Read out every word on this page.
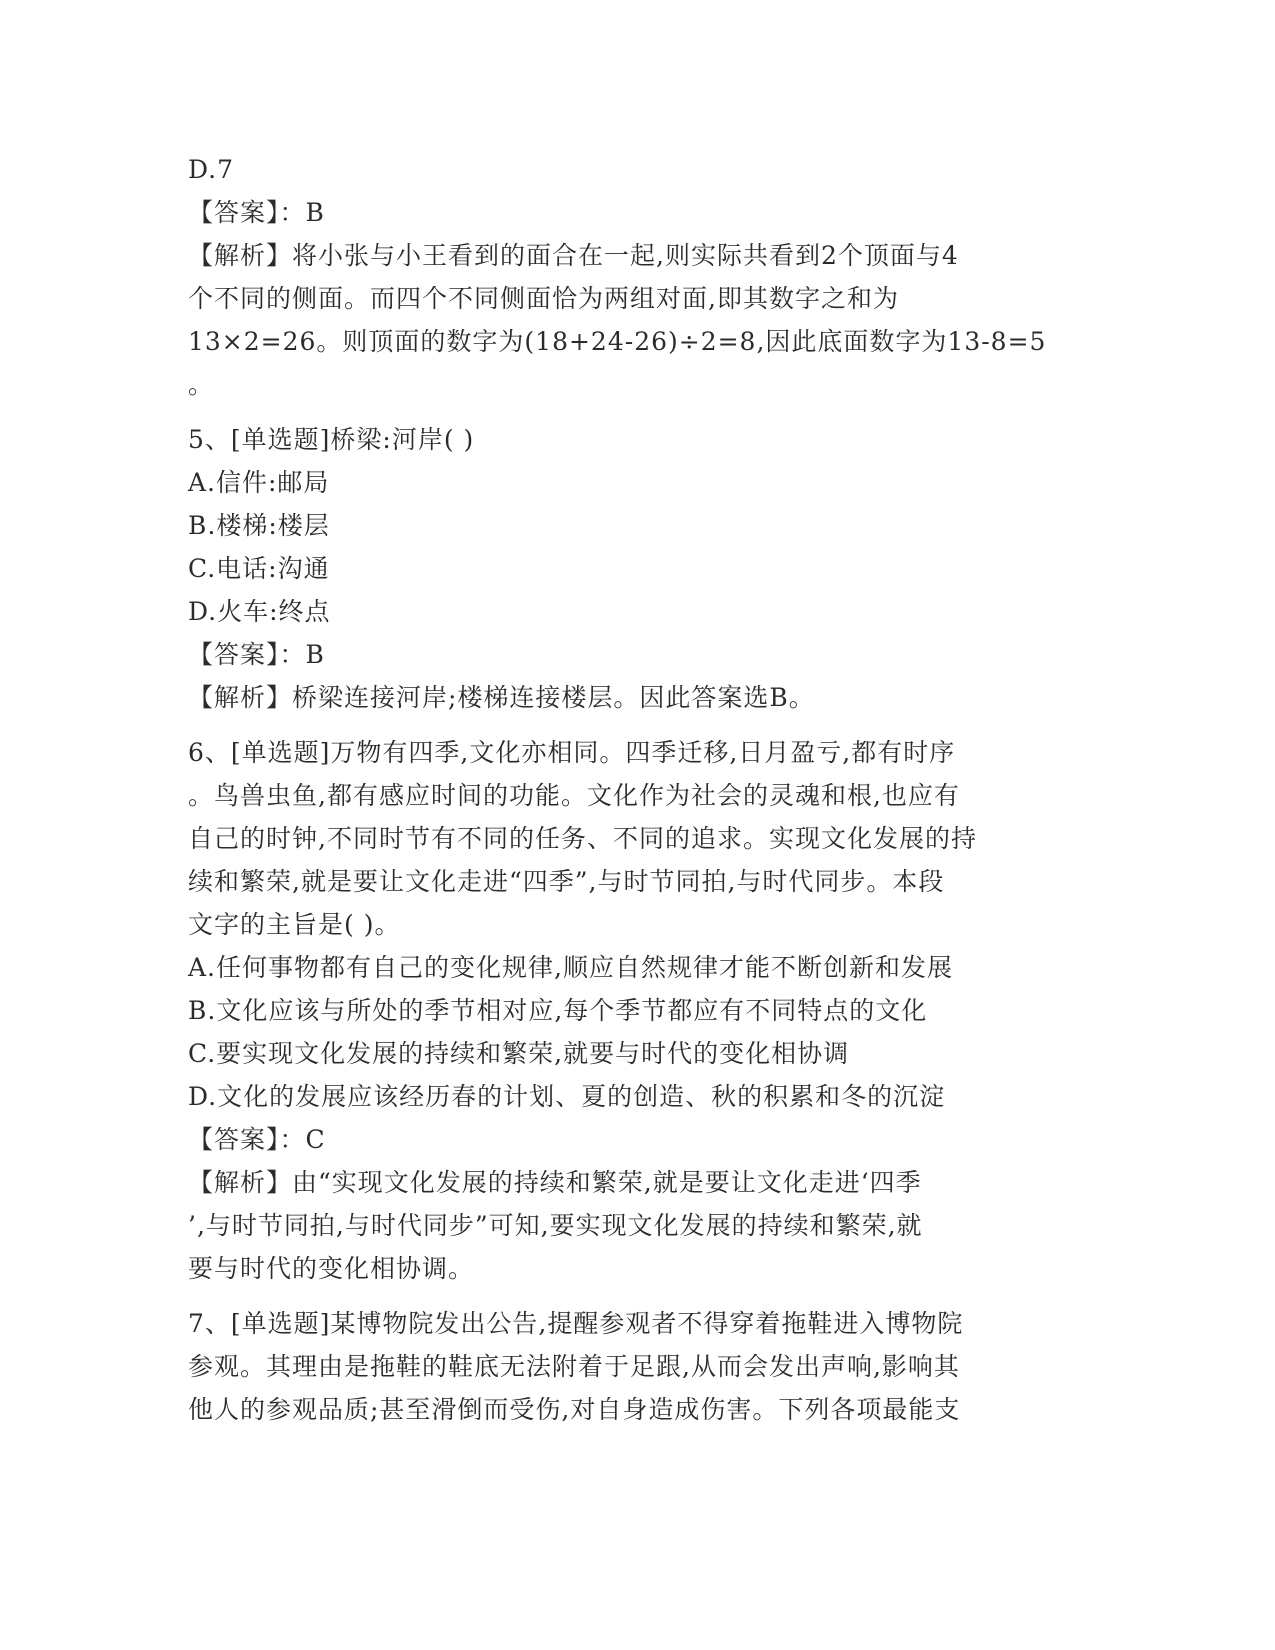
D.7
【答案】：B
【解析】将小张与小王看到的面合在一起,则实际共看到2个顶面与4
个不同的侧面。而四个不同侧面恰为两组对面,即其数字之和为
13×2=26。则顶面的数字为(18+24-26)÷2=8,因此底面数字为13-8=5
。
5、[单选题]桥梁:河岸( )
A.信件:邮局
B.楼梯:楼层
C.电话:沟通
D.火车:终点
【答案】：B
【解析】桥梁连接河岸;楼梯连接楼层。因此答案选B。
6、[单选题]万物有四季,文化亦相同。四季迁移,日月盈亏,都有时序
。鸟兽虫鱼,都有感应时间的功能。文化作为社会的灵魂和根,也应有
自己的时钟,不同时节有不同的任务、不同的追求。实现文化发展的持
续和繁荣,就是要让文化走进“四季”,与时节同拍,与时代同步。本段
文字的主旨是( )。
A.任何事物都有自己的变化规律,顺应自然规律才能不断创新和发展
B.文化应该与所处的季节相对应,每个季节都应有不同特点的文化
C.要实现文化发展的持续和繁荣,就要与时代的变化相协调
D.文化的发展应该经历春的计划、夏的创造、秋的积累和冬的沉淀
【答案】：C
【解析】由“实现文化发展的持续和繁荣,就是要让文化走进‘四季
’,与时节同拍,与时代同步”可知,要实现文化发展的持续和繁荣,就
要与时代的变化相协调。
7、[单选题]某博物院发出公告,提醒参观者不得穿着拖鞋进入博物院
参观。其理由是拖鞋的鞋底无法附着于足跟,从而会发出声响,影响其
他人的参观品质;甚至滑倒而受伤,对自身造成伤害。下列各项最能支
